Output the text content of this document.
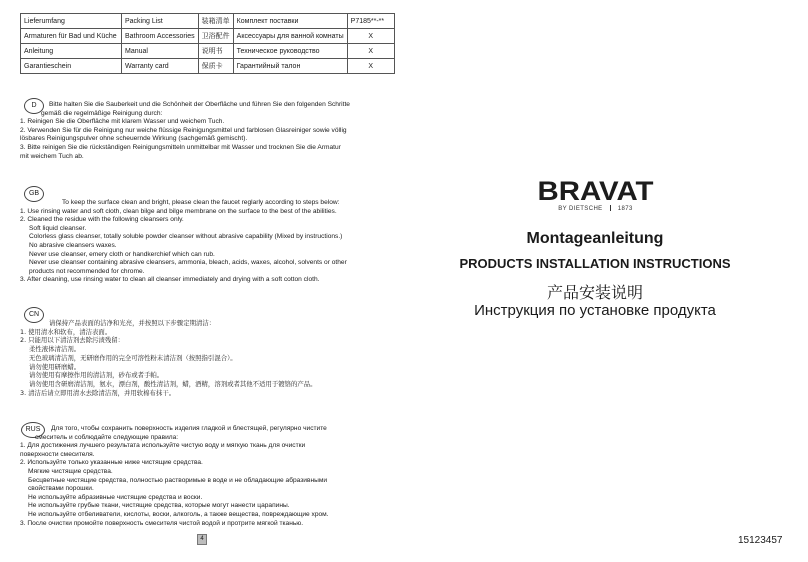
Lieferumfang	Packing List	装箱清单	Комплект поставки	P7185**-**
Armaturen für Bad und Küche	Bathroom Accessories	卫浴配件	Аксессуары для ванной комнаты	X
Anleitung	Manual	说明书	Техническое руководство	X
Garantieschein	Warranty card	保质卡	Гарантийный талон	X
D	Bitte halten Sie die Sauberkeit und die Schönheit der Oberfläche und führen Sie den folgenden Schritte

gemäß die regelmäßige Reinigung durch:

1. Reinigen Sie die Oberfläche mit klarem Wasser und weichem Tuch.

2. Verwenden Sie für die Reinigung nur weiche flüssige Reinigungsmittel und farblosen Glasreiniger sowie völlig

lösbares Reinigungspulver ohne scheuernde Wirkung (sachgemäß gemischt).

3. Bitte reinigen Sie die rückständigen Reinigungsmitteln unmittelbar mit Wasser und trocknen Sie die Armatur

mit weichem Tuch ab.

GB

To keep the surface clean and bright, please clean the faucet reglarly according to steps below:

1. Use rinsing water and soft cloth, clean bilge and bilge membrane on the surface to the best of the abilities.

2. Cleaned the residue with the following cleansers only.

Soft liquid cleanser.

Colorless glass cleanser, totally soluble powder cleanser without abrasive capability (Mixed by instructions.)

No abrasive cleansers waxes.

Never use cleanser, emery cloth or handkerchief which can rub.

Never use cleanser containing abrasive cleansers, ammonia, bleach, acids, waxes, alcohol, solvents or other

products not recommended for chrome.

3. After cleaning, use rinsing water to clean all cleanser immediately and drying with a soft cotton cloth.

CN

请保持产品表面的洁净和光亮，并按照以下步骤定期清洁：

1. 使用清水和软布，清洁表面。

2. 只能用以下清洁剂去除污渍残留：

柔性液体清洁剂。

无色玻璃清洁剂，无研磨作用的完全可溶性粉末清洁剂（按照指引混合）。

请勿使用研磨蜡。

请勿使用有摩擦作用的清洁剂，砂布或者手帕。

请勿使用含研磨清洁剂，氨水，漂白剂，酸性清洁剂，蜡，酒精，溶剂或者其他不适用于镀铬的产品。

3. 清洁后请立即用清水去除清洁剂，并用软棉布抹干。

RUS	Для того, чтобы сохранить поверхность изделия гладкой и блестящей, регулярно чистите

смеситель и соблюдайте следующие правила:

1. Для достижения лучшего результата используйте чистую воду и мягкую ткань для очистки

поверхности смесителя.

2. Используйте только указанные ниже чистящие средства.

Мягкие чистящие средства.

Бесцветные чистящие средства, полностью растворимые в воде и не обладающие абразивными

свойствами порошки.

Не используйте абразивные чистящие средства и воски.

Не используйте грубые ткани, чистящие средства, которые могут нанести царапины.

Не используйте отбеливатели, кислоты, воски, алкоголь, а также вещества, повреждающие хром.

3. После очистки промойте поверхность смесителя чистой водой и протрите мягкой тканью.

4
BRAVAT
BY DIETSCHE	1873
Montageanleitung
PRODUCTS INSTALLATION INSTRUCTIONS
产品安装说明
Инструкция по установке продукта
15123457
